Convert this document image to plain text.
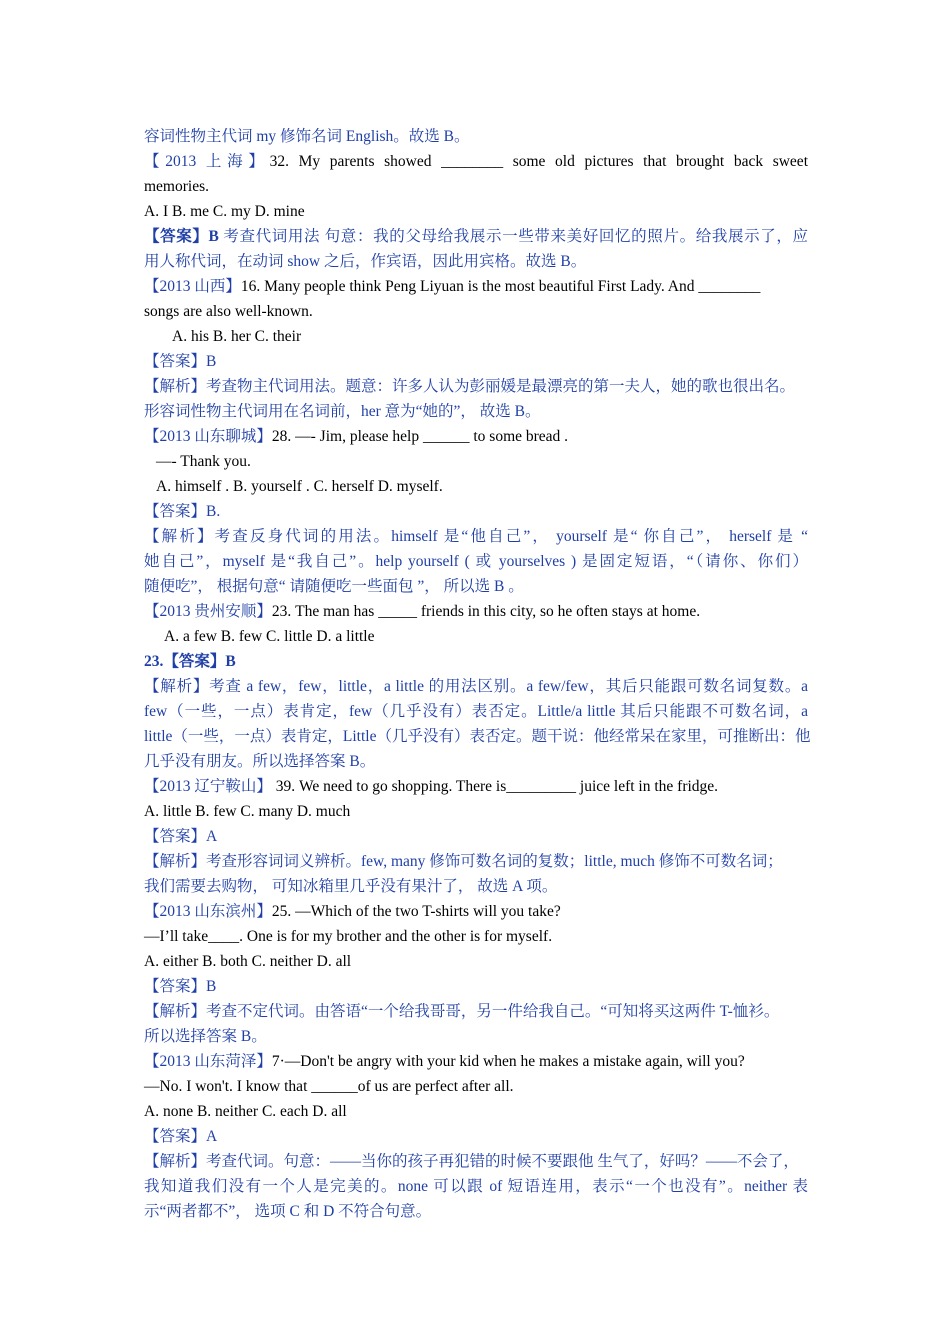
容词性物主代词 my 修饰名词 English。故选 B。
【2013 上海】32. My parents showed ________ some old pictures that brought back sweet
memories.
A. I B. me C. my D. mine
【答案】B 考查代词用法 句意：我的父母给我展示一些带来美好回忆的照片。给我展示了，应
用人称代词，在动词 show 之后，作宾语，因此用宾格。故选 B。
【2013 山西】16. Many people think Peng Liyuan is the most beautiful First Lady. And ________
songs are also well-known.
A. his B. her C. their
【答案】B
【解析】考查物主代词用法。题意：许多人认为彭丽媛是最漂亮的第一夫人，她的歌也很出名。
形容词性物主代词用在名词前，her 意为“她的”， 故选 B。
【2013 山东聊城】28. —- Jim, please help ______ to some bread .
—- Thank you.
A. himself . B. yourself . C. herself D. myself.
【答案】B.
【解析】考查反身代词的用法。himself 是“他自己”， yourself 是“ 你自己”， herself 是 “
她自己”，myself 是“我自己”。help yourself ( 或 yourselves ) 是固定短语，“（请你、你们）
随便吃”， 根据句意“ 请随便吃一些面包 ”， 所以选 B 。
【2013 贵州安顺】23. The man has _____ friends in this city, so he often stays at home.
A. a few B. few C. little D. a little
23.【答案】B
【解析】考查 a few，few，little，a little 的用法区别。a few/few，其后只能跟可数名词复数。a
few（一些，一点）表肯定，few（几乎没有）表否定。Little/a little 其后只能跟不可数名词，a
little（一些，一点）表肯定，Little（几乎没有）表否定。题干说：他经常呆在家里，可推断出：他
几乎没有朋友。所以选择答案 B。
【2013 辽宁鞍山】 39. We need to go shopping. There is_________ juice left in the fridge.
A. little B. few C. many D. much
【答案】A
【解析】考查形容词词义辨析。few, many 修饰可数名词的复数；little, much 修饰不可数名词；
我们需要去购物， 可知冰箱里几乎没有果汁了， 故选 A 项。
【2013 山东滨州】25. —Which of the two T-shirts will you take?
—I’ll take____. One is for my brother and the other is for myself.
A. either B. both C. neither D. all
【答案】B
【解析】考查不定代词。由答语“一个给我哥哥，另一件给我自己。“可知将买这两件 T-恤衫。
所以选择答案 B。
【2013 山东菏泽】7·—Don't be angry with your kid when he makes a mistake again, will you?
—No. I won't. I know that ______of us are perfect after all.
A. none B. neither C. each D. all
【答案】A
【解析】考查代词。句意：——当你的孩子再犯错的时候不要跟他 生气了，好吗？——不会了，
我知道我们没有一个人是完美的。none 可以跟 of 短语连用，表示“一个也没有”。neither 表
示“两者都不”， 选项 C 和 D 不符合句意。
